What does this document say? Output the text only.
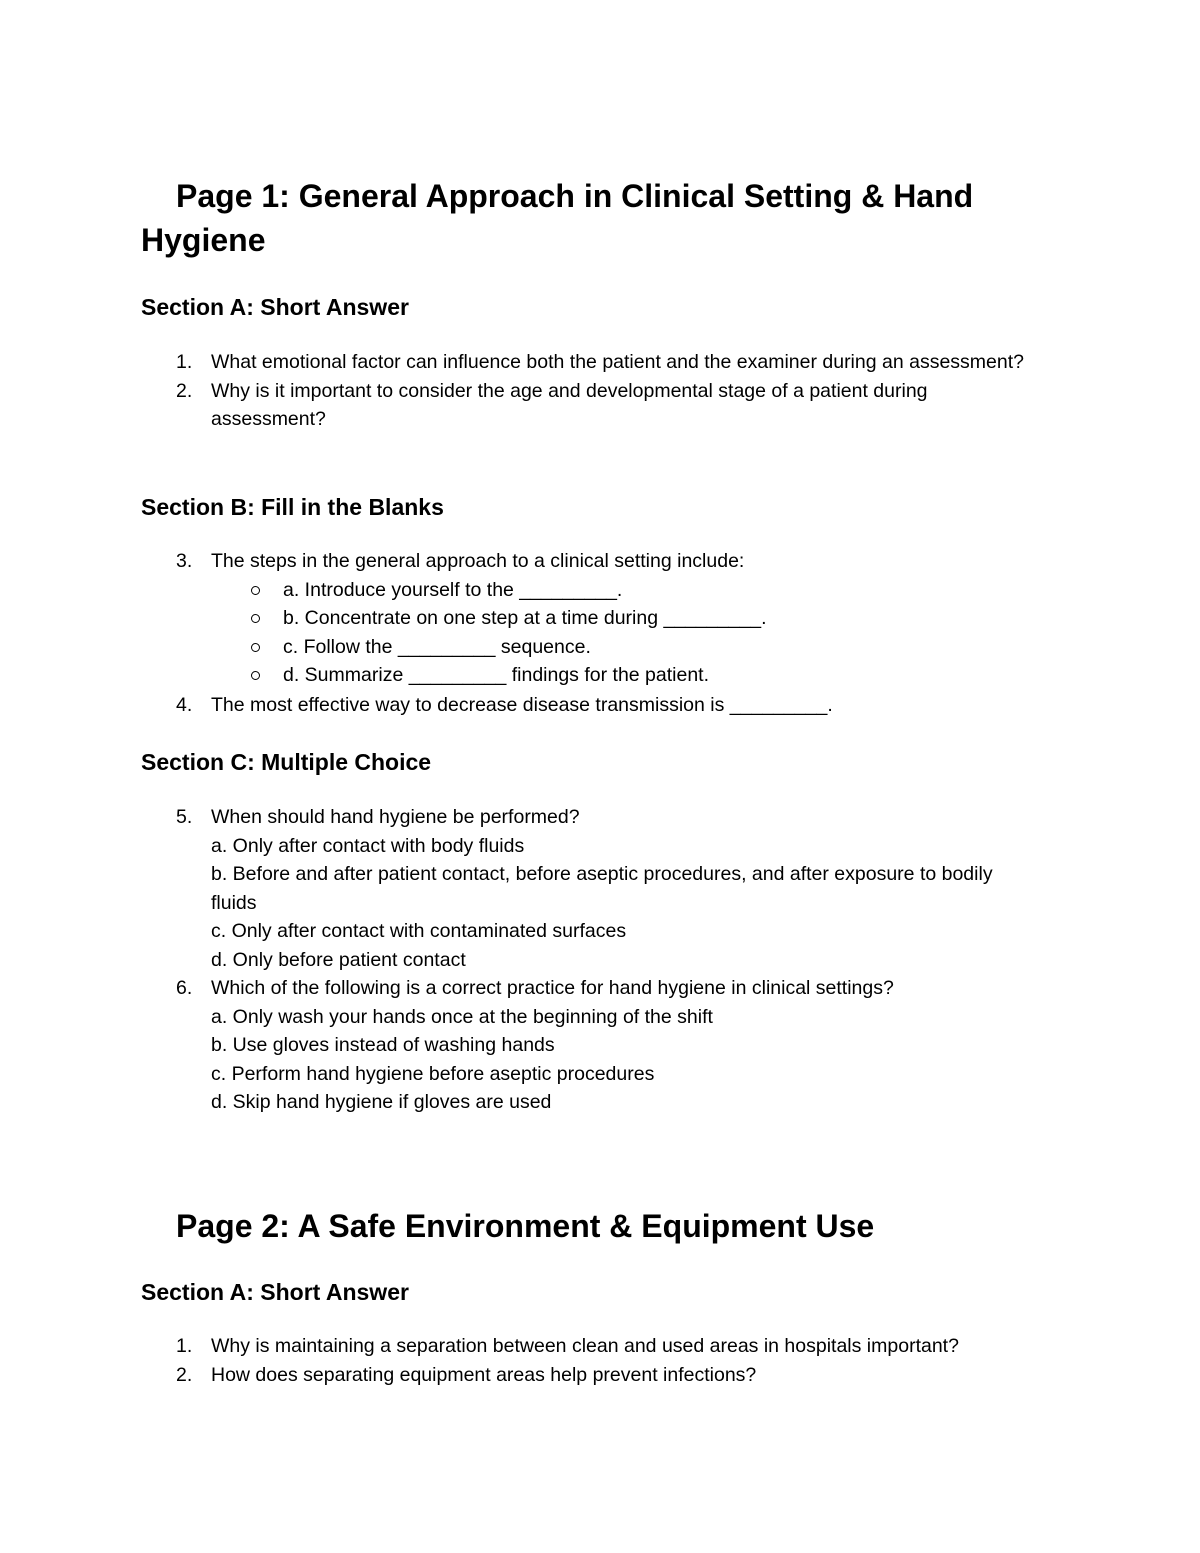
Page 1: General Approach in Clinical Setting & Hand Hygiene
Section A: Short Answer
1. What emotional factor can influence both the patient and the examiner during an assessment?
2. Why is it important to consider the age and developmental stage of a patient during assessment?
Section B: Fill in the Blanks
3. The steps in the general approach to a clinical setting include:
a. Introduce yourself to the _________.
b. Concentrate on one step at a time during _________.
c. Follow the _________ sequence.
d. Summarize _________ findings for the patient.
4. The most effective way to decrease disease transmission is _________.
Section C: Multiple Choice
5. When should hand hygiene be performed?
a. Only after contact with body fluids
b. Before and after patient contact, before aseptic procedures, and after exposure to bodily fluids
c. Only after contact with contaminated surfaces
d. Only before patient contact
6. Which of the following is a correct practice for hand hygiene in clinical settings?
a. Only wash your hands once at the beginning of the shift
b. Use gloves instead of washing hands
c. Perform hand hygiene before aseptic procedures
d. Skip hand hygiene if gloves are used
Page 2: A Safe Environment & Equipment Use
Section A: Short Answer
1. Why is maintaining a separation between clean and used areas in hospitals important?
2. How does separating equipment areas help prevent infections?
